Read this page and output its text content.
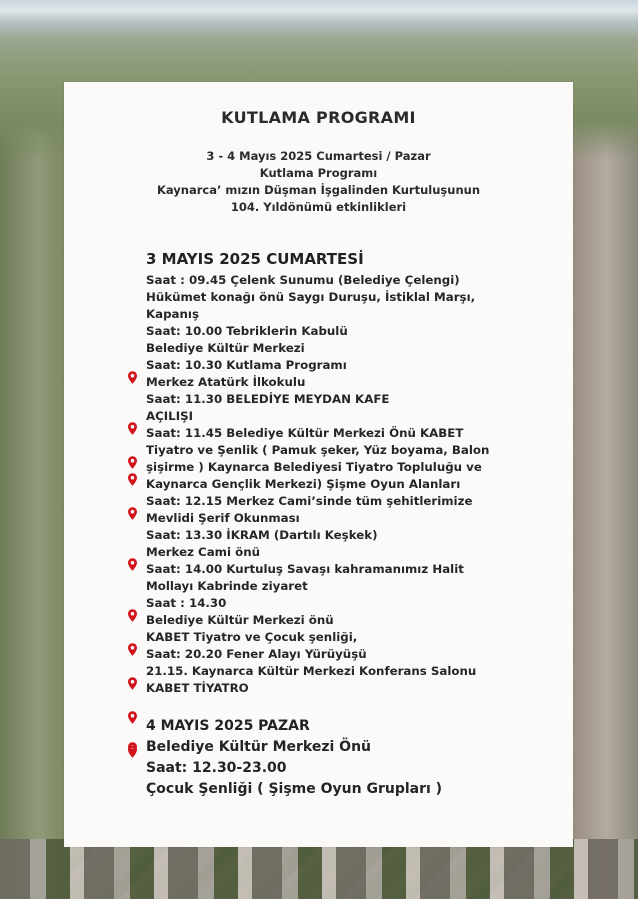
KUTLAMA PROGRAMI
3 - 4 Mayıs 2025 Cumartesi / Pazar
Kutlama Programı
Kaynarca’ mızın Düşman İşgalinden Kurtuluşunun
104. Yıldönümü etkinlikleri
3 MAYIS 2025 CUMARTESİ
Saat : 09.45 Çelenk Sunumu (Belediye Çelengi)
Hükümet konağı önü Saygı Duruşu, İstiklal Marşı,
Kapanış
Saat: 10.00 Tebriklerin Kabulü
Belediye Kültür Merkezi
Saat: 10.30 Kutlama Programı
Merkez Atatürk İlkokulu
Saat: 11.30 BELEDİYE MEYDAN KAFE
AÇILIŞI
Saat: 11.45 Belediye Kültür Merkezi Önü KABET
Tiyatro ve Şenlik ( Pamuk şeker, Yüz boyama, Balon
şişirme ) Kaynarca Belediyesi Tiyatro Topluluğu ve
Kaynarca Gençlik Merkezi) Şişme Oyun Alanları
Saat: 12.15 Merkez Cami’sinde tüm şehitlerimize
Mevlidi Şerif Okunması
Saat: 13.30 İKRAM (Dartılı Keşkek)
Merkez Cami önü
Saat: 14.00 Kurtuluş Savaşı kahramanımız Halit
Mollayı Kabrinde ziyaret
Saat : 14.30
Belediye Kültür Merkezi önü
KABET Tiyatro ve Çocuk şenliği,
Saat: 20.20 Fener Alayı Yürüyüşü
21.15. Kaynarca Kültür Merkezi Konferans Salonu
KABET TİYATRO
4 MAYIS 2025 PAZAR
Belediye Kültür Merkezi Önü
Saat: 12.30-23.00
Çocuk Şenliği ( Şişme Oyun Grupları )
